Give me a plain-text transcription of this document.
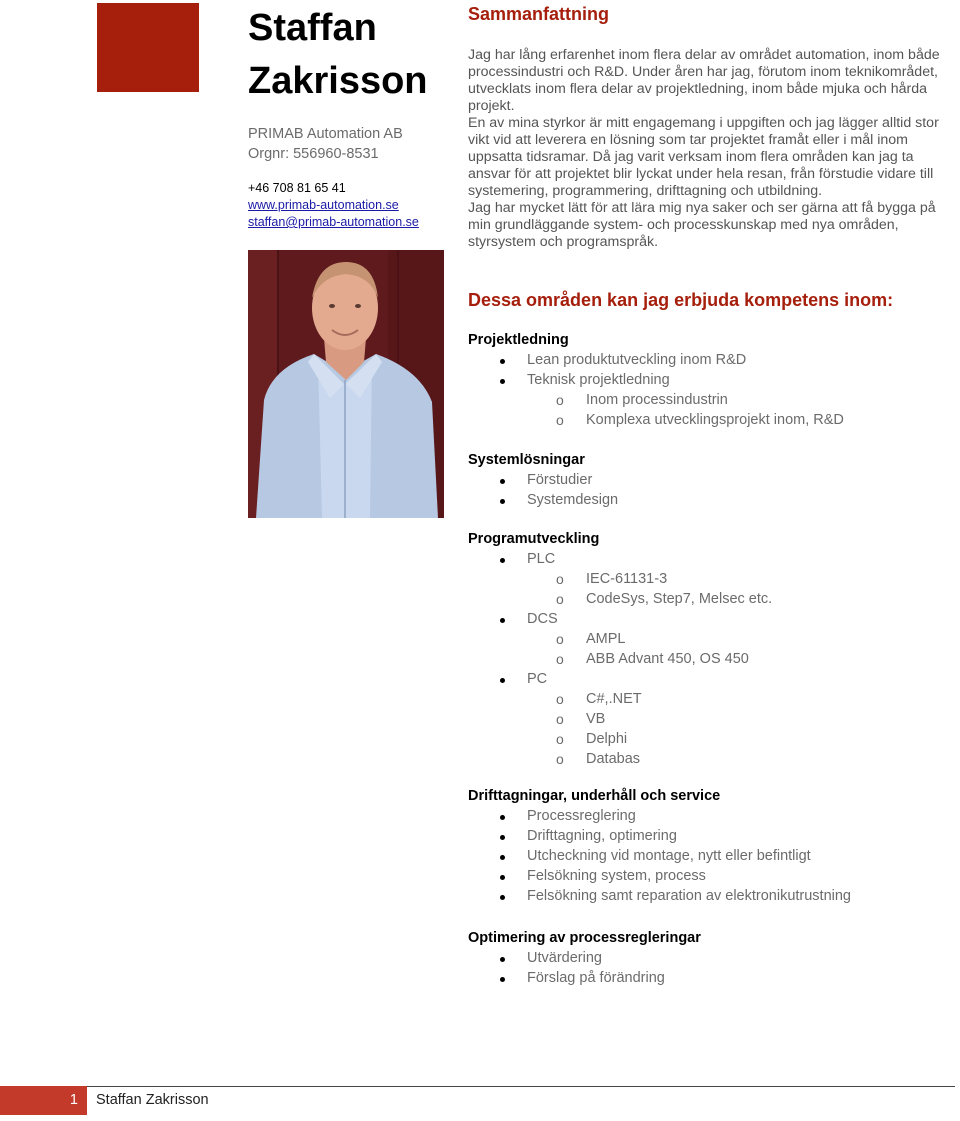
Staffan
Zakrisson
PRIMAB Automation AB
Orgnr: 556960-8531
+46 708 81 65 41
www.primab-automation.se
staffan@primab-automation.se
Sammanfattning

Jag har lång erfarenhet inom flera delar av området automation, inom både processindustri och R&D. Under åren har jag, förutom inom teknikområdet, utvecklats inom flera delar av projektledning, inom både mjuka och hårda projekt.

En av mina styrkor är mitt engagemang i uppgiften och jag lägger alltid stor vikt vid att leverera en lösning som tar projektet framåt eller i mål inom uppsatta tidsramar. Då jag varit verksam inom flera områden kan jag ta ansvar för att projektet blir lyckat under hela resan, från förstudie vidare till systemering, programmering, drifttagning och utbildning.

Jag har mycket lätt för att lära mig nya saker och ser gärna att få bygga på min grundläggande system- och processkunskap med nya områden, styrsystem och programspråk.

Dessa områden kan jag erbjuda kompetens inom:
Projektledning
Lean produktutveckling inom R&D
Teknisk projektledning
o Inom processindustrin
o Komplexa utvecklingsprojekt inom, R&D
Systemlösningar
Förstudier
Systemdesign
Programutveckling
PLC
o IEC-61131-3
o CodeSys, Step7, Melsec etc.
DCS
o AMPL
o ABB Advant 450, OS 450
PC
o C#,.NET
o VB
o Delphi
o Databas
Drifttagningar, underhåll och service
Processreglering
Drifttagning, optimering
Utcheckning vid montage, nytt eller befintligt
Felsökning system, process
Felsökning samt reparation av elektronikutrustning
Optimering av processregleringar
Utvärdering
Förslag på förändring
1 Staffan Zakrisson
